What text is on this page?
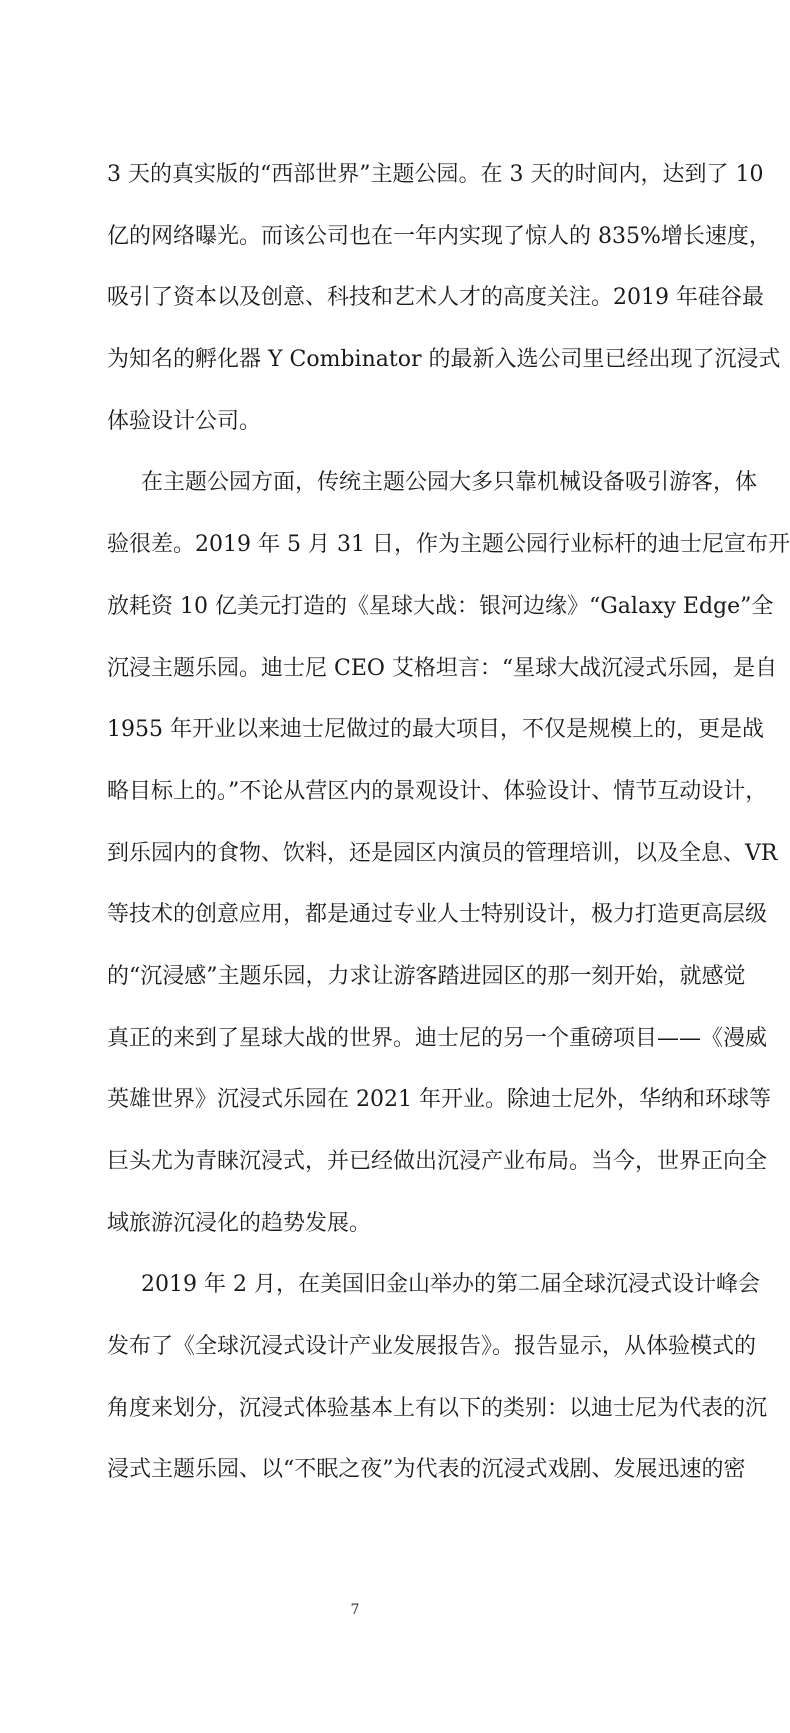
3 天的真实版的“西部世界”主题公园。在 3 天的时间内，达到了 10
亿的网络曝光。而该公司也在一年内实现了惊人的 835%增长速度，
吸引了资本以及创意、科技和艺术人才的高度关注。2019 年硅谷最
为知名的孵化器 Y Combinator 的最新入选公司里已经出现了沉浸式
体验设计公司。
在主题公园方面，传统主题公园大多只靠机械设备吸引游客，体
验很差。2019 年 5 月 31 日，作为主题公园行业标杆的迪士尼宣布开
放耗资 10 亿美元打造的《星球大战：银河边缘》“Galaxy Edge”全
沉浸主题乐园。迪士尼 CEO 艾格坦言：“星球大战沉浸式乐园，是自
1955 年开业以来迪士尼做过的最大项目，不仅是规模上的，更是战
略目标上的。”不论从营区内的景观设计、体验设计、情节互动设计，
到乐园内的食物、饮料，还是园区内演员的管理培训，以及全息、VR
等技术的创意应用，都是通过专业人士特别设计，极力打造更高层级
的“沉浸感”主题乐园，力求让游客踏进园区的那一刻开始，就感觉
真正的来到了星球大战的世界。迪士尼的另一个重磅项目——《漫威
英雄世界》沉浸式乐园在 2021 年开业。除迪士尼外，华纳和环球等
巨头尤为青睐沉浸式，并已经做出沉浸产业布局。当今，世界正向全
域旅游沉浸化的趋势发展。
2019 年 2 月，在美国旧金山举办的第二届全球沉浸式设计峰会
发布了《全球沉浸式设计产业发展报告》。报告显示，从体验模式的
角度来划分，沉浸式体验基本上有以下的类别：以迪士尼为代表的沉
浸式主题乐园、以“不眠之夜”为代表的沉浸式戏剧、发展迅速的密
7
